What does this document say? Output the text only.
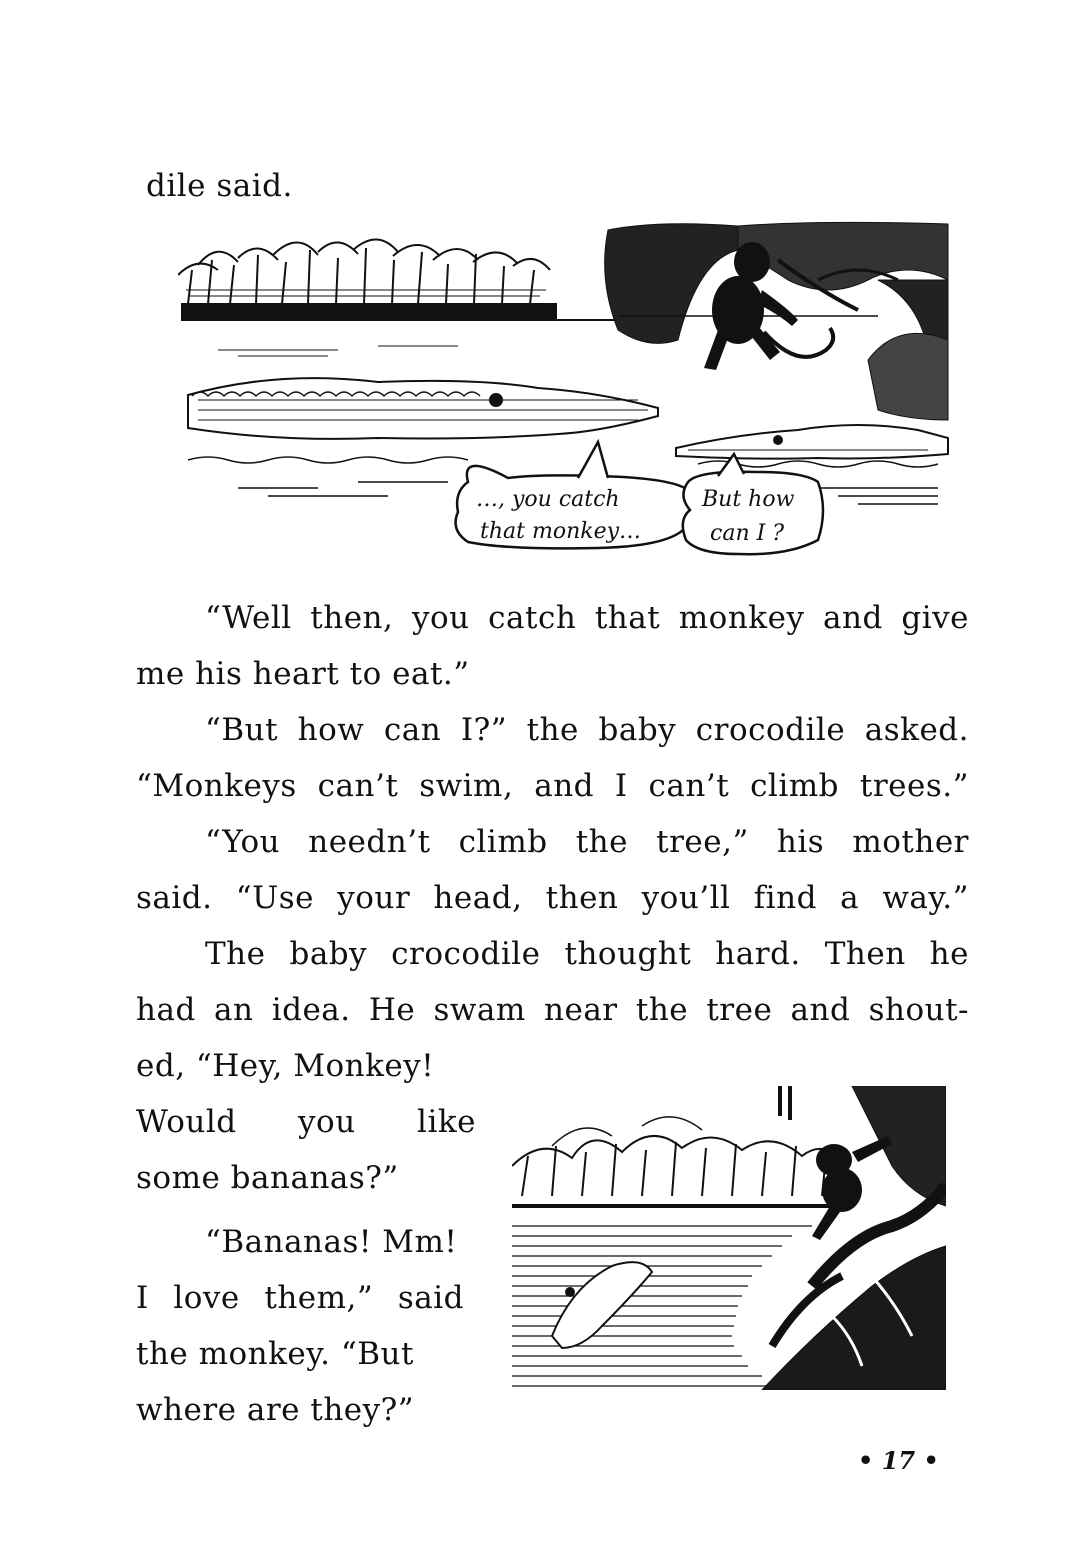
dile said.
…, you catch
that monkey…
But how
can I ?
“Well then, you catch that monkey and give
me his heart to eat.”
“But how can I?” the baby crocodile asked.
“Monkeys can’t swim, and I can’t climb trees.”
“You needn’t climb the tree,” his mother
said. “Use your head, then you’ll find a way.”
The baby crocodile thought hard. Then he
had an idea. He swam near the tree and shout-
ed, “Hey, Monkey!
Would you like
some bananas?”
“Bananas! Mm!
I love them,” said
the monkey. “But
where are they?”
• 17 •
